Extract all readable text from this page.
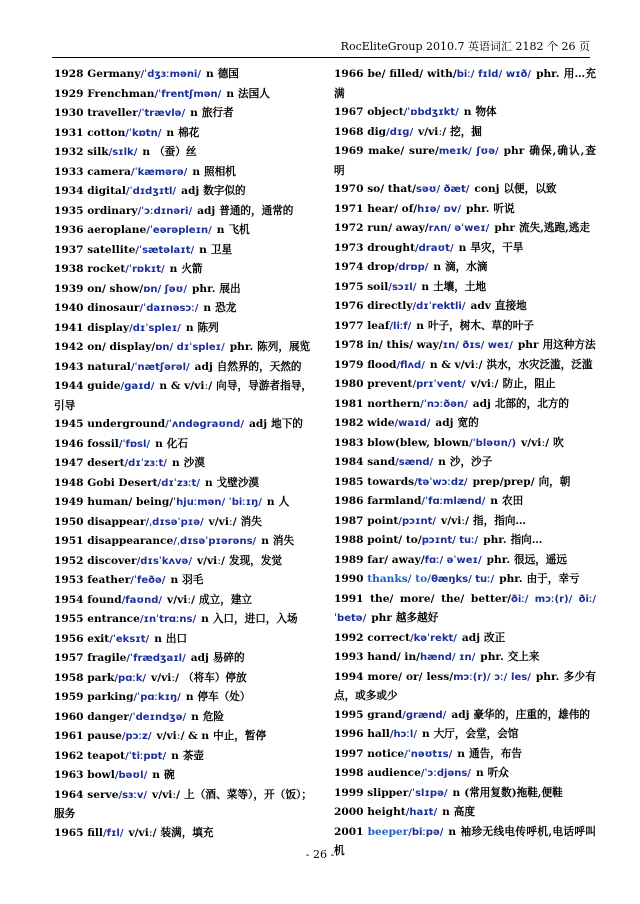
RocEliteGroup 2010.7 英语词汇 2182 个 26 页

1928 Germany/ˈdʒɜːməni/ n 德国

1929 Frenchman/ˈfrentʃmən/ n 法国人

1930 traveller/ˈtrævlə/ n 旅行者

1931 cotton/ˈkɒtn/ n 棉花

1932 silk/sɪlk/ n （蚕）丝

1933 camera/ˈkæmərə/ n 照相机

1934 digital/ˈdɪdʒɪtl/ adj 数字似的

1935 ordinary/ˈɔːdɪnəri/ adj 普通的，通常的

1936 aeroplane/ˈeərəpleɪn/ n 飞机

1937 satellite/ˈsætəlaɪt/ n 卫星

1938 rocket/ˈrɒkɪt/ n 火箭

1939 on/ show/ɒn/ ʃəʊ/ phr. 展出

1940 dinosaur/ˈdaɪnəsɔː/ n 恐龙

1941 display/dɪˈspleɪ/ n 陈列

1942 on/ display/ɒn/ dɪˈspleɪ/ phr. 陈列，展览

1943 natural/ˈnætʃərəl/ adj 自然界的，天然的

1944 guide/ɡaɪd/ n & v/viː/ 向导，导游者指导，引导

1945 underground/ˈʌndəɡraʊnd/ adj 地下的

1946 fossil/ˈfɒsl/ n 化石

1947 desert/dɪˈzɜːt/ n 沙漠

1948 Gobi Desert/dɪˈzɜːt/ n 戈壁沙漠

1949 human/ being/ˈhjuːmən/ ˈbiːɪŋ/ n 人

1950 disappear/ˌdɪsəˈpɪə/ v/viː/ 消失

1951 disappearance/ˌdɪsəˈpɪərəns/ n 消失

1952 discover/dɪsˈkʌvə/ v/viː/ 发现，发觉

1953 feather/ˈfeðə/ n 羽毛

1954 found/faʊnd/ v/viː/ 成立，建立

1955 entrance/ɪnˈtrɑːns/ n 入口，进口，入场

1956 exit/ˈeksɪt/ n 出口

1957 fragile/ˈfrædʒaɪl/ adj 易碎的

1958 park/pɑːk/ v/viː/ （将车）停放

1959 parking/ˈpɑːkɪŋ/ n 停车（处）

1960 danger/ˈdeɪndʒə/ n 危险

1961 pause/pɔːz/ v/viː/ & n 中止，暂停

1962 teapot/ˈtiːpɒt/ n 茶壶

1963 bowl/bəʊl/ n 碗

1964 serve/sɜːv/ v/viː/ 上（酒、菜等），开（饭）；服务

1965 fill/fɪl/ v/viː/ 装满，填充

1966 be/ filled/ with/biː/ fɪld/ wɪð/ phr. 用…充满

1967 object/ˈɒbdʒɪkt/ n 物体

1968 dig/dɪɡ/ v/viː/ 挖，掘

1969 make/ sure/meɪk/ ʃʊə/ phr 确保,确认,查明

1970 so/ that/səʊ/ ðæt/ conj 以便，以致

1971 hear/ of/hɪə/ ɒv/ phr. 听说

1972 run/ away/rʌn/ əˈweɪ/ phr 流失,逃跑,逃走

1973 drought/draʊt/ n 旱灾，干旱

1974 drop/drɒp/ n 滴，水滴

1975 soil/sɔɪl/ n 土壤，土地

1976 directly/dɪˈrektli/ adv 直接地

1977 leaf/liːf/ n 叶子，树木、草的叶子

1978 in/ this/ way/ɪn/ ðɪs/ weɪ/ phr 用这种方法

1979 flood/flʌd/ n & v/viː/ 洪水，水灾泛滥，泛滥

1980 prevent/prɪˈvent/ v/viː/ 防止，阻止

1981 northern/ˈnɔːðən/ adj 北部的，北方的

1982 wide/waɪd/ adj 宽的

1983 blow(blew, blown/ˈbləʊn/) v/viː/ 吹

1984 sand/sænd/ n 沙，沙子

1985 towards/təˈwɔːdz/ prep/prep/ 向，朝

1986 farmland/ˈfɑːmlænd/ n 农田

1987 point/pɔɪnt/ v/viː/ 指，指向…

1988 point/ to/pɔɪnt/ tuː/ phr. 指向…

1989 far/ away/fɑː/ əˈweɪ/ phr. 很远，遥远

1990 thanks/ to/θæŋks/ tuː/ phr. 由于，幸亏

1991 the/ more/ the/ better/ðiː/ mɔː(r)/ ðiː/ ˈbetə/ phr 越多越好

1992 correct/kəˈrekt/ adj 改正

1993 hand/ in/hænd/ ɪn/ phr. 交上来

1994 more/ or/ less/mɔː(r)/ ɔː/ les/ phr. 多少有点，或多或少

1995 grand/ɡrænd/ adj 豪华的，庄重的，雄伟的

1996 hall/hɔːl/ n 大厅，会堂，会馆

1997 notice/ˈnəʊtɪs/ n 通告，布告

1998 audience/ˈɔːdjəns/ n 听众

1999 slipper/ˈslɪpə/ n (常用复数)拖鞋,便鞋

2000 height/haɪt/ n 高度

2001 beeper/biːpə/ n 袖珍无线电传呼机,电话呼叫机

- 26 -
